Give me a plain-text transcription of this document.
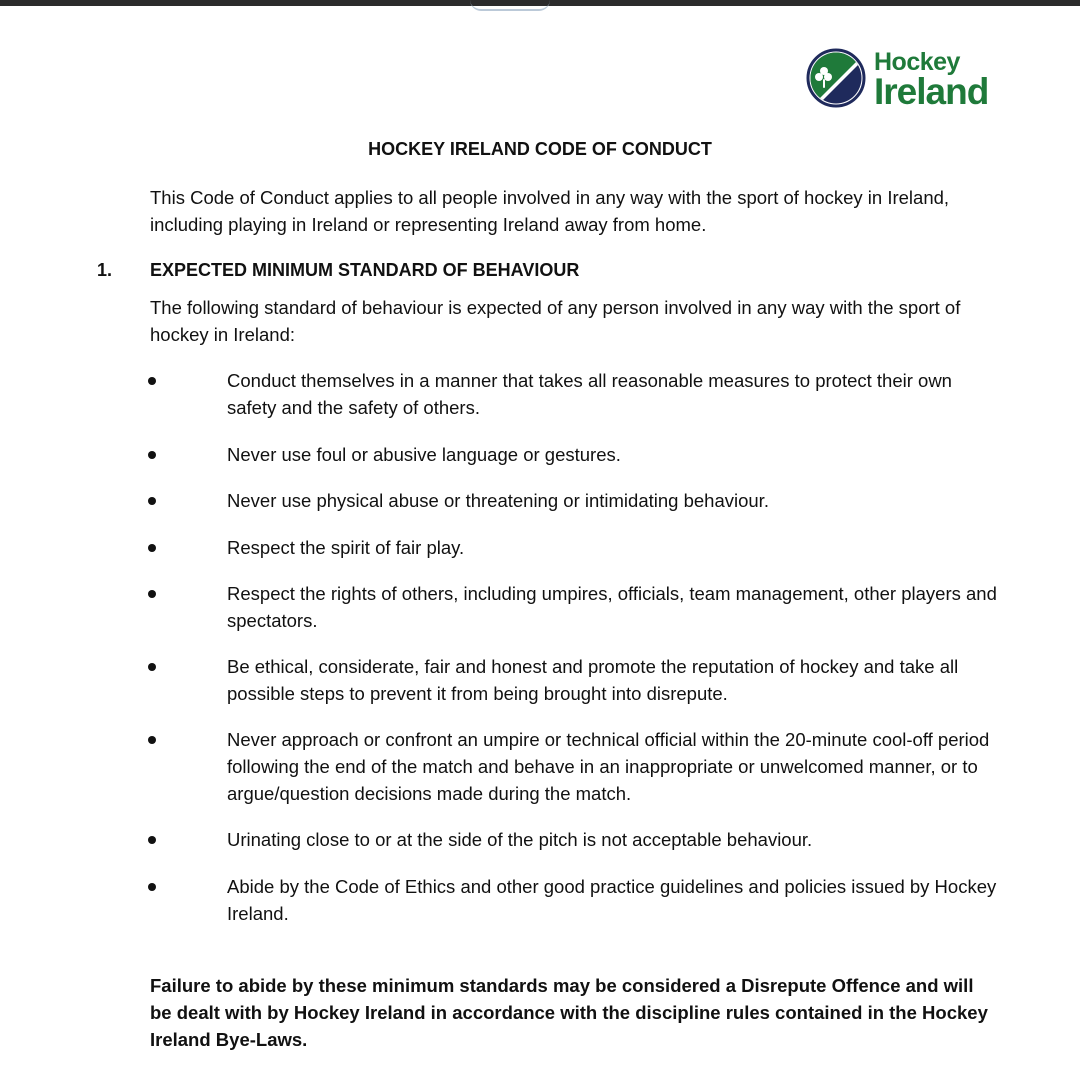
Hockey
Ireland
HOCKEY IRELAND CODE OF CONDUCT

This Code of Conduct applies to all people involved in any way with the sport of hockey in Ireland, including playing in Ireland or representing Ireland away from home.

1. EXPECTED MINIMUM STANDARD OF BEHAVIOUR

The following standard of behaviour is expected of any person involved in any way with the sport of hockey in Ireland:

Conduct themselves in a manner that takes all reasonable measures to protect their own safety and the safety of others.
Never use foul or abusive language or gestures.
Never use physical abuse or threatening or intimidating behaviour.
Respect the spirit of fair play.
Respect the rights of others, including umpires, officials, team management, other players and spectators.
Be ethical, considerate, fair and honest and promote the reputation of hockey and take all possible steps to prevent it from being brought into disrepute.
Never approach or confront an umpire or technical official within the 20-minute cool-off period following the end of the match and behave in an inappropriate or unwelcomed manner, or to argue/question decisions made during the match.
Urinating close to or at the side of the pitch is not acceptable behaviour.
Abide by the Code of Ethics and other good practice guidelines and policies issued by Hockey Ireland.

Failure to abide by these minimum standards may be considered a Disrepute Offence and will be dealt with by Hockey Ireland in accordance with the discipline rules contained in the Hockey Ireland Bye-Laws.
